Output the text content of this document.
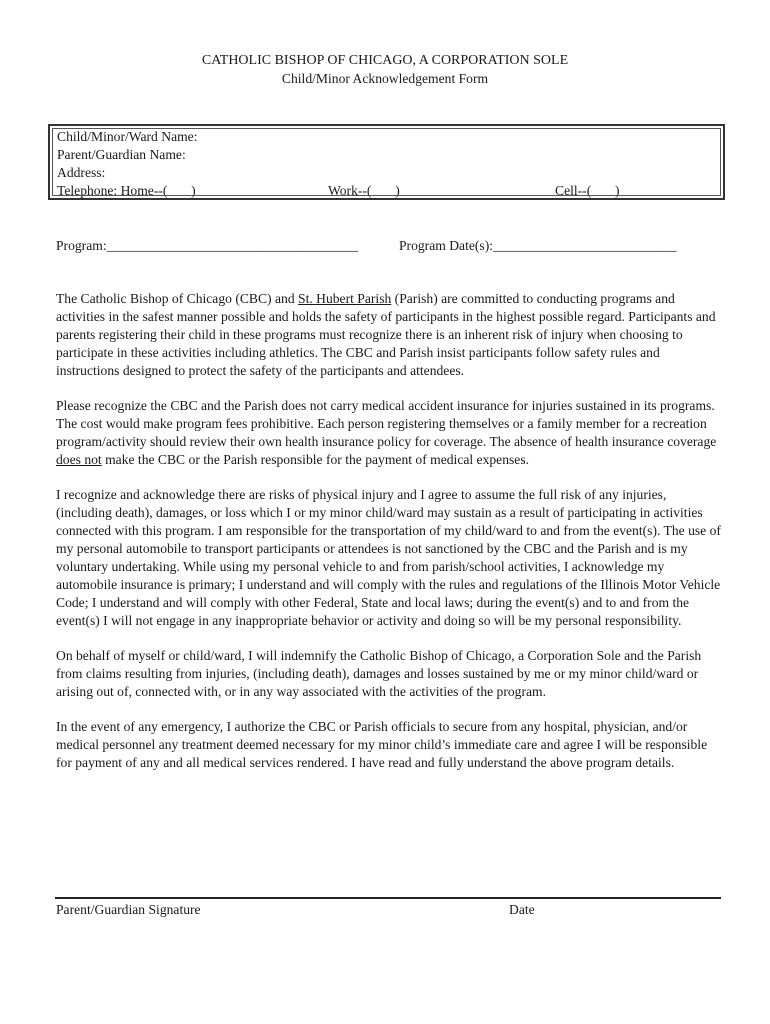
CATHOLIC BISHOP OF CHICAGO, A CORPORATION SOLE
Child/Minor Acknowledgement Form
Child/Minor/Ward Name:
Parent/Guardian Name:
Address:
Telephone: Home--(       )	Work--(       )	Cell--(       )
Program:_____________________________________	Program Date(s):___________________________

The Catholic Bishop of Chicago (CBC) and St. Hubert Parish (Parish) are committed to conducting programs and activities in the safest manner possible and holds the safety of participants in the highest possible regard. Participants and parents registering their child in these programs must recognize there is an inherent risk of injury when choosing to participate in these activities including athletics. The CBC and Parish insist participants follow safety rules and instructions designed to protect the safety of the participants and attendees.

Please recognize the CBC and the Parish does not carry medical accident insurance for injuries sustained in its programs. The cost would make program fees prohibitive. Each person registering themselves or a family member for a recreation program/activity should review their own health insurance policy for coverage. The absence of health insurance coverage does not make the CBC or the Parish responsible for the payment of medical expenses.

I recognize and acknowledge there are risks of physical injury and I agree to assume the full risk of any injuries, (including death), damages, or loss which I or my minor child/ward may sustain as a result of participating in activities connected with this program. I am responsible for the transportation of my child/ward to and from the event(s). The use of my personal automobile to transport participants or attendees is not sanctioned by the CBC and the Parish and is my voluntary undertaking. While using my personal vehicle to and from parish/school activities, I acknowledge my automobile insurance is primary; I understand and will comply with the rules and regulations of the Illinois Motor Vehicle Code; I understand and will comply with other Federal, State and local laws; during the event(s) and to and from the event(s) I will not engage in any inappropriate behavior or activity and doing so will be my personal responsibility.

On behalf of myself or child/ward, I will indemnify the Catholic Bishop of Chicago, a Corporation Sole and the Parish from claims resulting from injuries, (including death), damages and losses sustained by me or my minor child/ward or arising out of, connected with, or in any way associated with the activities of the program.

In the event of any emergency, I authorize the CBC or Parish officials to secure from any hospital, physician, and/or medical personnel any treatment deemed necessary for my minor child’s immediate care and agree I will be responsible for payment of any and all medical services rendered. I have read and fully understand the above program details.

Parent/Guardian Signature	Date
